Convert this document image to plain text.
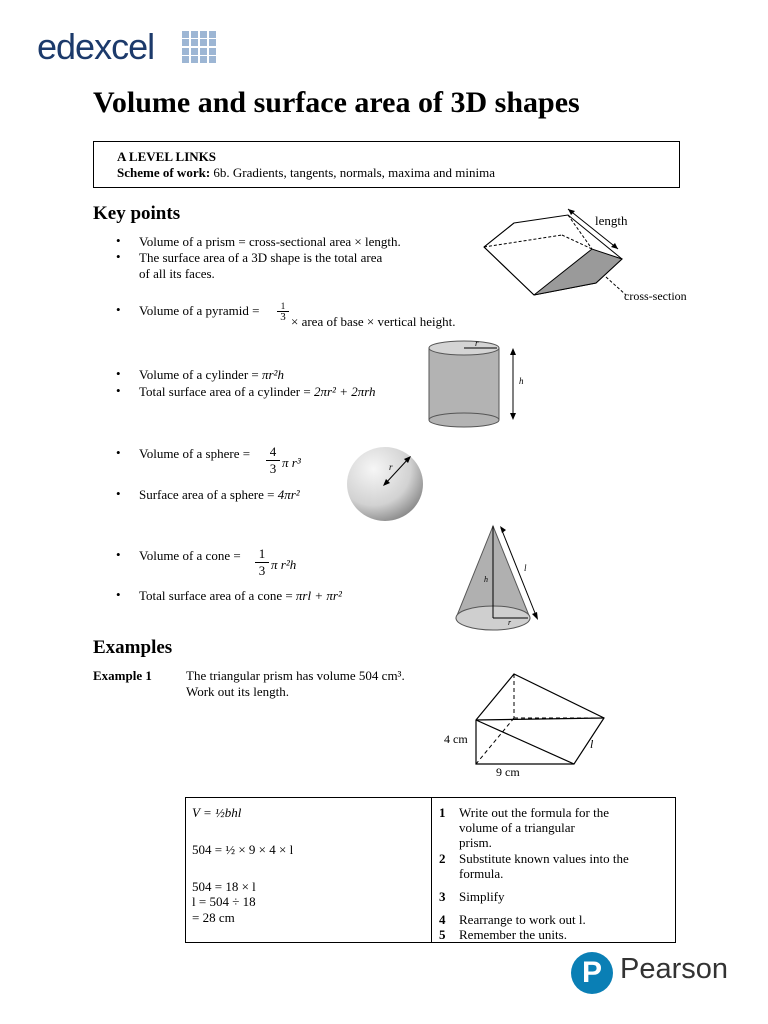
edexcel
Volume and surface area of 3D shapes
A LEVEL LINKS
Scheme of work: 6b. Gradients, tangents, normals, maxima and minima
Key points
• Volume of a prism = cross-sectional area × length.
• The surface area of a 3D shape is the total area
of all its faces.
• Volume of a pyramid =	1
3 × area of base × vertical height.
• Volume of a cylinder = πr²h
• Total surface area of a cylinder = 2πr² + 2πrh
• Volume of a sphere = $\frac{4}{3}$ π r³
• Surface area of a sphere = 4πr²
• Volume of a cone = $\frac{1}{3}$ π r²h
• Total surface area of a cone = πrl + πr²
length
cross-section
r
h
r
h
r
l
Examples
Example 1	The triangular prism has volume 504 cm³.
Work out its length.
4 cm
9 cm
l
V = ½bhl
504 = ½ × 9 × 4 × l
504 = 18 × l
l = 504 ÷ 18
= 28 cm
1 Write out the formula for the
volume of a triangular
prism.
2 Substitute known values into the
formula.
3 Simplify
4 Rearrange to work out l.
5 Remember the units.
P Pearson
